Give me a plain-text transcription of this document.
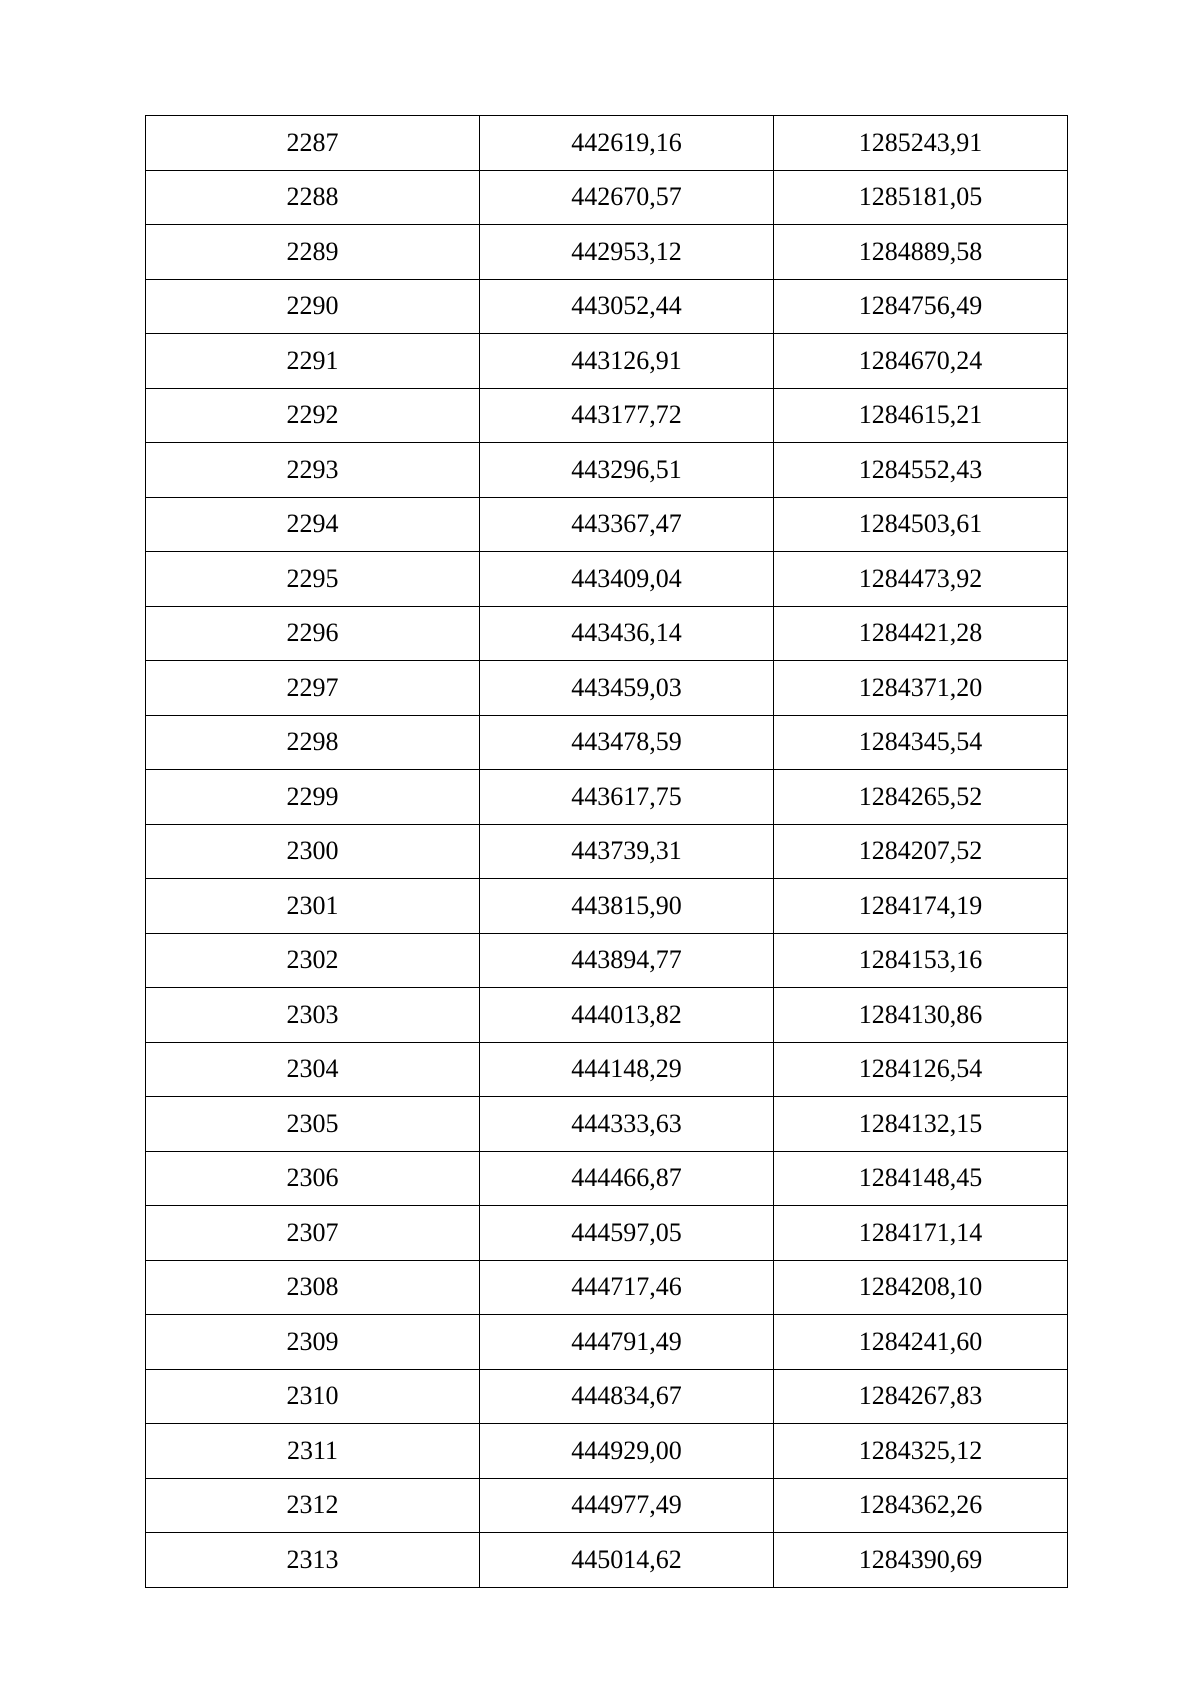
2287	442619,16	1285243,91
2288	442670,57	1285181,05
2289	442953,12	1284889,58
2290	443052,44	1284756,49
2291	443126,91	1284670,24
2292	443177,72	1284615,21
2293	443296,51	1284552,43
2294	443367,47	1284503,61
2295	443409,04	1284473,92
2296	443436,14	1284421,28
2297	443459,03	1284371,20
2298	443478,59	1284345,54
2299	443617,75	1284265,52
2300	443739,31	1284207,52
2301	443815,90	1284174,19
2302	443894,77	1284153,16
2303	444013,82	1284130,86
2304	444148,29	1284126,54
2305	444333,63	1284132,15
2306	444466,87	1284148,45
2307	444597,05	1284171,14
2308	444717,46	1284208,10
2309	444791,49	1284241,60
2310	444834,67	1284267,83
2311	444929,00	1284325,12
2312	444977,49	1284362,26
2313	445014,62	1284390,69
